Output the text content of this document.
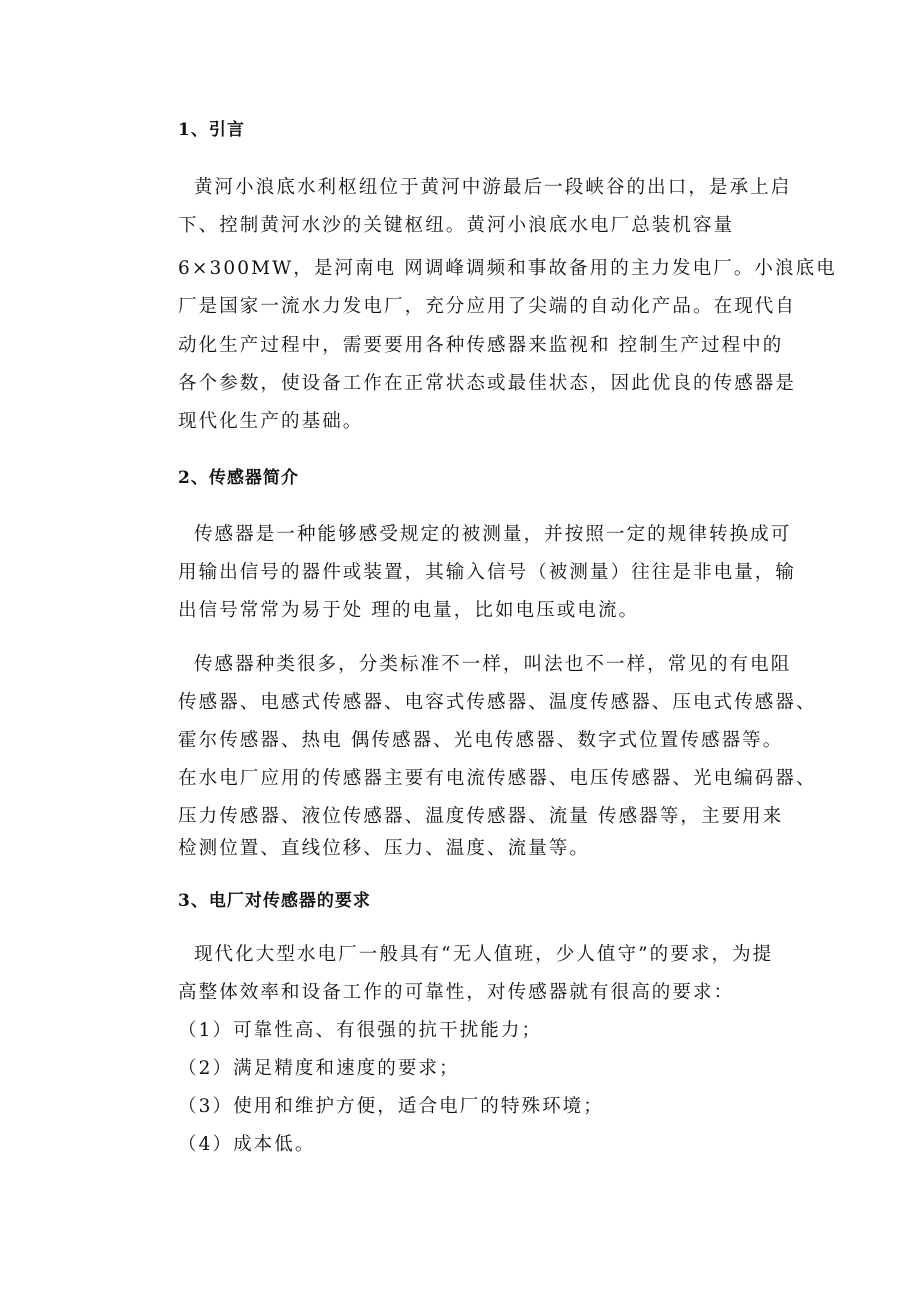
1、引言
黄河小浪底水利枢纽位于黄河中游最后一段峡谷的出口，是承上启
下、控制黄河水沙的关键枢纽。黄河小浪底水电厂总装机容量
6×300MW，是河南电 网调峰调频和事故备用的主力发电厂。小浪底电
厂是国家一流水力发电厂，充分应用了尖端的自动化产品。在现代自
动化生产过程中，需要要用各种传感器来监视和 控制生产过程中的
各个参数，使设备工作在正常状态或最佳状态，因此优良的传感器是
现代化生产的基础。
2、传感器简介
传感器是一种能够感受规定的被测量，并按照一定的规律转换成可
用输出信号的器件或装置，其输入信号（被测量）往往是非电量，输
出信号常常为易于处 理的电量，比如电压或电流。
传感器种类很多，分类标准不一样，叫法也不一样，常见的有电阻
传感器、电感式传感器、电容式传感器、温度传感器、压电式传感器、
霍尔传感器、热电 偶传感器、光电传感器、数字式位置传感器等。
在水电厂应用的传感器主要有电流传感器、电压传感器、光电编码器、
压力传感器、液位传感器、温度传感器、流量 传感器等，主要用来
检测位置、直线位移、压力、温度、流量等。
3、电厂对传感器的要求
现代化大型水电厂一般具有“无人值班，少人值守”的要求，为提
高整体效率和设备工作的可靠性，对传感器就有很高的要求：
（1）可靠性高、有很强的抗干扰能力；
（2）满足精度和速度的要求；
（3）使用和维护方便，适合电厂的特殊环境；
（4）成本低。
